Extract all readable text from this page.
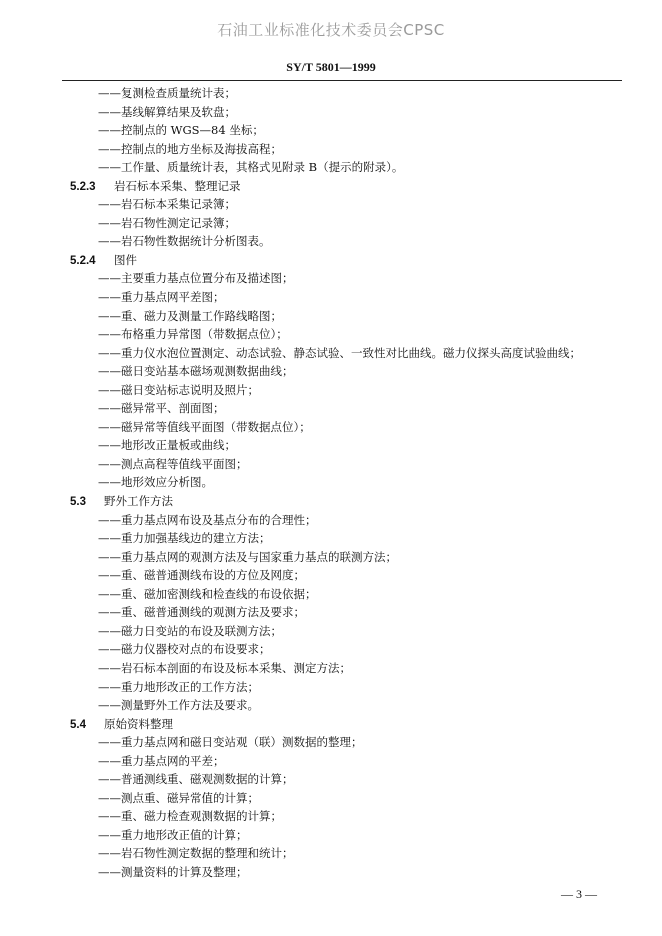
石油工业标准化技术委员会CPSC
SY/T 5801—1999
——复测检查质量统计表；
——基线解算结果及软盘；
——控制点的 WGS—84 坐标；
——控制点的地方坐标及海拔高程；
——工作量、质量统计表，其格式见附录 B（提示的附录）。
5.2.3 岩石标本采集、整理记录
——岩石标本采集记录簿；
——岩石物性测定记录簿；
——岩石物性数据统计分析图表。
5.2.4 图件
——主要重力基点位置分布及描述图；
——重力基点网平差图；
——重、磁力及测量工作路线略图；
——布格重力异常图（带数据点位）；
——重力仪水泡位置测定、动态试验、静态试验、一致性对比曲线。磁力仪探头高度试验曲线；
——磁日变站基本磁场观测数据曲线；
——磁日变站标志说明及照片；
——磁异常平、剖面图；
——磁异常等值线平面图（带数据点位）；
——地形改正量板或曲线；
——测点高程等值线平面图；
——地形效应分析图。
5.3 野外工作方法
——重力基点网布设及基点分布的合理性；
——重力加强基线边的建立方法；
——重力基点网的观测方法及与国家重力基点的联测方法；
——重、磁普通测线布设的方位及网度；
——重、磁加密测线和检查线的布设依据；
——重、磁普通测线的观测方法及要求；
——磁力日变站的布设及联测方法；
——磁力仪器校对点的布设要求；
——岩石标本剖面的布设及标本采集、测定方法；
——重力地形改正的工作方法；
——测量野外工作方法及要求。
5.4 原始资料整理
——重力基点网和磁日变站观（联）测数据的整理；
——重力基点网的平差；
——普通测线重、磁观测数据的计算；
——测点重、磁异常值的计算；
——重、磁力检查观测数据的计算；
——重力地形改正值的计算；
——岩石物性测定数据的整理和统计；
——测量资料的计算及整理；
— 3 —
